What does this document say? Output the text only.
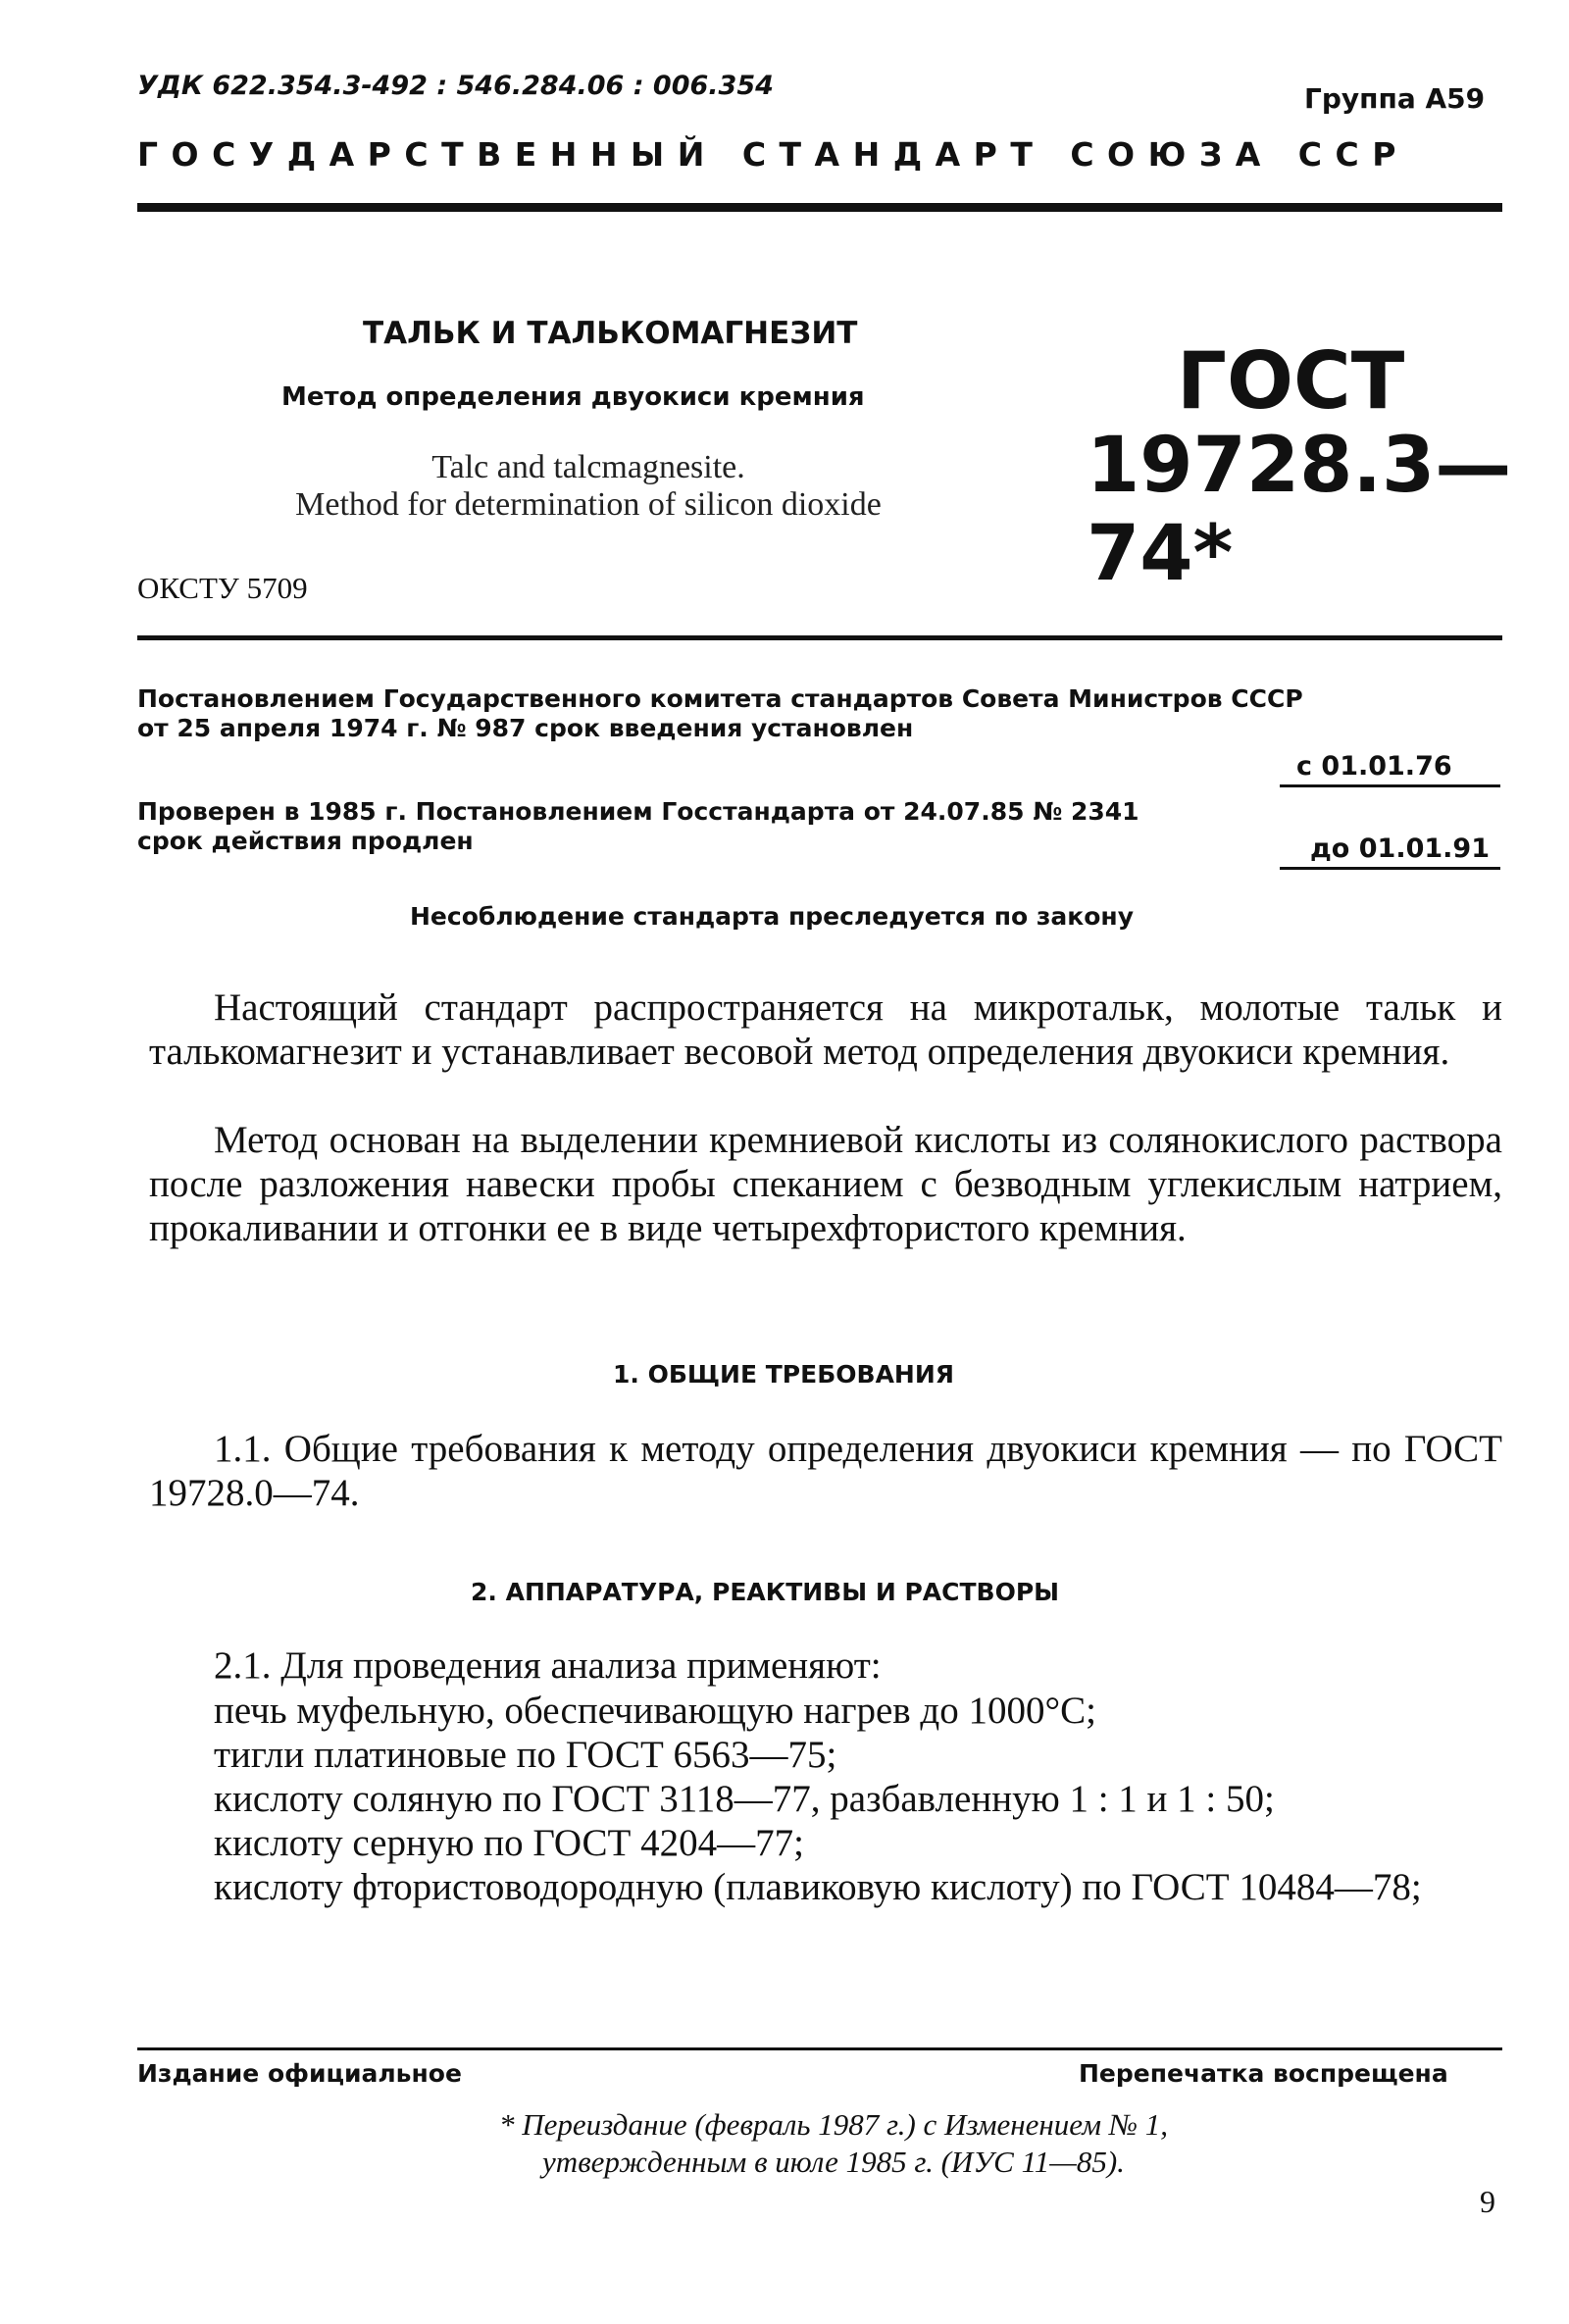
УДК 622.354.3-492 : 546.284.06 : 006.354	Группа А59
ГОСУДАРСТВЕННЫЙ СТАНДАРТ СОЮЗА ССР
ТАЛЬК И ТАЛЬКОМАГНЕЗИТ
Метод определения двуокиси кремния
Talc and talcmagnesite.
Method for determination of silicon dioxide
ГОСТ
19728.3—74*
ОКСТУ 5709
Постановлением Государственного комитета стандартов Совета Министров СССР
от 25 апреля 1974 г. № 987 срок введения установлен
с 01.01.76
Проверен в 1985 г. Постановлением Госстандарта от 24.07.85 № 2341
срок действия продлен	до 01.01.91
Несоблюдение стандарта преследуется по закону
Настоящий стандарт распространяется на микротальк, молотые тальк и талькомагнезит и устанавливает весовой метод определения двуокиси кремния.
Метод основан на выделении кремниевой кислоты из солянокислого раствора после разложения навески пробы спеканием с безводным углекислым натрием, прокаливании и отгонки ее в виде четырехфтористого кремния.
1. ОБЩИЕ ТРЕБОВАНИЯ
1.1. Общие требования к методу определения двуокиси кремния — по ГОСТ 19728.0—74.
2. АППАРАТУРА, РЕАКТИВЫ И РАСТВОРЫ
2.1. Для проведения анализа применяют:
печь муфельную, обеспечивающую нагрев до 1000°С;
тигли платиновые по ГОСТ 6563—75;
кислоту соляную по ГОСТ 3118—77, разбавленную 1 : 1 и 1 : 50;
кислоту серную по ГОСТ 4204—77;
кислоту фтористоводородную (плавиковую кислоту) по ГОСТ 10484—78;
Издание официальное	Перепечатка воспрещена
* Переиздание (февраль 1987 г.) с Изменением № 1,
утвержденным в июле 1985 г. (ИУС 11—85).
9
